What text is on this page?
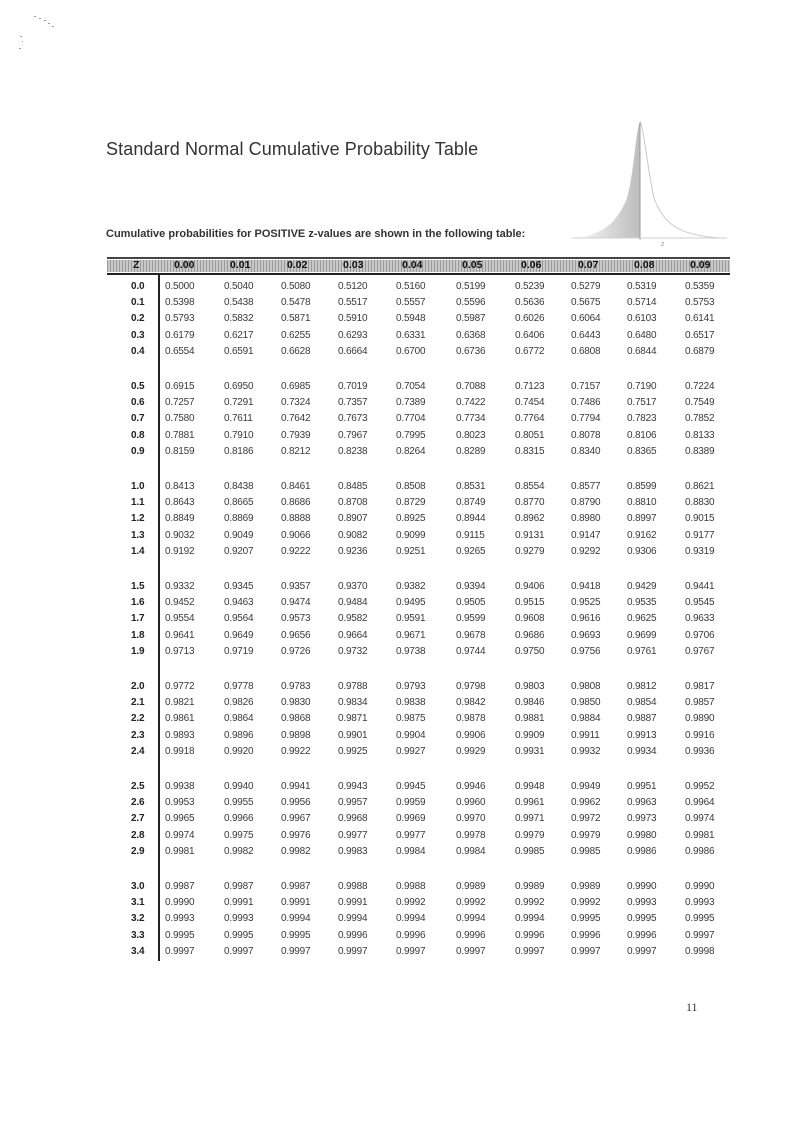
Standard Normal Cumulative Probability Table
z
Cumulative probabilities for POSITIVE z-values are shown in the following table:
Z	0.00	0.01	0.02	0.03	0.04	0.05	0.06	0.07	0.08	0.09
0.0 0.5000	0.5040	0.5080	0.5120	0.5160	0.5199	0.5239	0.5279	0.5319	0.5359
0.1 0.5398	0.5438	0.5478	0.5517	0.5557	0.5596	0.5636	0.5675	0.5714	0.5753
0.2 0.5793	0.5832	0.5871	0.5910	0.5948	0.5987	0.6026	0.6064	0.6103	0.6141
0.3 0.6179	0.6217	0.6255	0.6293	0.6331	0.6368	0.6406	0.6443	0.6480	0.6517
0.4 0.6554	0.6591	0.6628	0.6664	0.6700	0.6736	0.6772	0.6808	0.6844	0.6879
0.5 0.6915	0.6950	0.6985	0.7019	0.7054	0.7088	0.7123	0.7157	0.7190	0.7224
0.6 0.7257	0.7291	0.7324	0.7357	0.7389	0.7422	0.7454	0.7486	0.7517	0.7549
0.7 0.7580	0.7611	0.7642	0.7673	0.7704	0.7734	0.7764	0.7794	0.7823	0.7852
0.8 0.7881	0.7910	0.7939	0.7967	0.7995	0.8023	0.8051	0.8078	0.8106	0.8133
0.9 0.8159	0.8186	0.8212	0.8238	0.8264	0.8289	0.8315	0.8340	0.8365	0.8389
1.0 0.8413	0.8438	0.8461	0.8485	0.8508	0.8531	0.8554	0.8577	0.8599	0.8621
1.1 0.8643	0.8665	0.8686	0.8708	0.8729	0.8749	0.8770	0.8790	0.8810	0.8830
1.2 0.8849	0.8869	0.8888	0.8907	0.8925	0.8944	0.8962	0.8980	0.8997	0.9015
1.3 0.9032	0.9049	0.9066	0.9082	0.9099	0.9115	0.9131	0.9147	0.9162	0.9177
1.4 0.9192	0.9207	0.9222	0.9236	0.9251	0.9265	0.9279	0.9292	0.9306	0.9319
1.5 0.9332	0.9345	0.9357	0.9370	0.9382	0.9394	0.9406	0.9418	0.9429	0.9441
1.6 0.9452	0.9463	0.9474	0.9484	0.9495	0.9505	0.9515	0.9525	0.9535	0.9545
1.7 0.9554	0.9564	0.9573	0.9582	0.9591	0.9599	0.9608	0.9616	0.9625	0.9633
1.8 0.9641	0.9649	0.9656	0.9664	0.9671	0.9678	0.9686	0.9693	0.9699	0.9706
1.9 0.9713	0.9719	0.9726	0.9732	0.9738	0.9744	0.9750	0.9756	0.9761	0.9767
2.0 0.9772	0.9778	0.9783	0.9788	0.9793	0.9798	0.9803	0.9808	0.9812	0.9817
2.1 0.9821	0.9826	0.9830	0.9834	0.9838	0.9842	0.9846	0.9850	0.9854	0.9857
2.2 0.9861	0.9864	0.9868	0.9871	0.9875	0.9878	0.9881	0.9884	0.9887	0.9890
2.3 0.9893	0.9896	0.9898	0.9901	0.9904	0.9906	0.9909	0.9911	0.9913	0.9916
2.4 0.9918	0.9920	0.9922	0.9925	0.9927	0.9929	0.9931	0.9932	0.9934	0.9936
2.5 0.9938	0.9940	0.9941	0.9943	0.9945	0.9946	0.9948	0.9949	0.9951	0.9952
2.6 0.9953	0.9955	0.9956	0.9957	0.9959	0.9960	0.9961	0.9962	0.9963	0.9964
2.7 0.9965	0.9966	0.9967	0.9968	0.9969	0.9970	0.9971	0.9972	0.9973	0.9974
2.8 0.9974	0.9975	0.9976	0.9977	0.9977	0.9978	0.9979	0.9979	0.9980	0.9981
2.9 0.9981	0.9982	0.9982	0.9983	0.9984	0.9984	0.9985	0.9985	0.9986	0.9986
3.0 0.9987	0.9987	0.9987	0.9988	0.9988	0.9989	0.9989	0.9989	0.9990	0.9990
3.1 0.9990	0.9991	0.9991	0.9991	0.9992	0.9992	0.9992	0.9992	0.9993	0.9993
3.2 0.9993	0.9993	0.9994	0.9994	0.9994	0.9994	0.9994	0.9995	0.9995	0.9995
3.3 0.9995	0.9995	0.9995	0.9996	0.9996	0.9996	0.9996	0.9996	0.9996	0.9997
3.4 0.9997	0.9997	0.9997	0.9997	0.9997	0.9997	0.9997	0.9997	0.9997	0.9998
11
